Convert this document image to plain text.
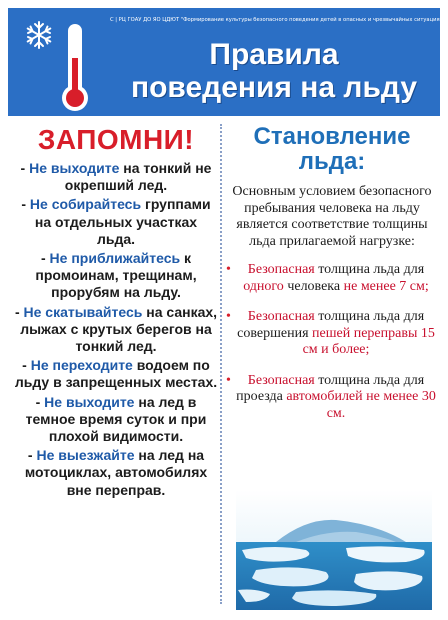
С | РЦ ГОАУ ДО ЯО ЦДЮТ "Формирование культуры безопасного поведения детей в опасных и чрезвычайных ситуациях"
Правила
поведения на льду
ЗАПОМНИ!
- Не выходите на тонкий не окрепший лед.
- Не собирайтесь группами на отдельных участках льда.
- Не приближайтесь к промоинам, трещинам, прорубям на льду.
- Не скатывайтесь на санках, лыжах с крутых берегов на тонкий лед.
- Не переходите водоем по льду в запрещенных местах.
- Не выходите на лед в темное время суток и при плохой видимости.
- Не выезжайте на лед на мотоциклах, автомобилях вне переправ.
Становление
льда:
Основным условием безопасного пребывания человека на льду является соответствие толщины льда прилагаемой нагрузке:
• Безопасная толщина льда для одного человека не менее 7 см;
• Безопасная толщина льда для совершения пешей переправы 15 см и более;
• Безопасная толщина льда для проезда автомобилей не менее 30 см.
